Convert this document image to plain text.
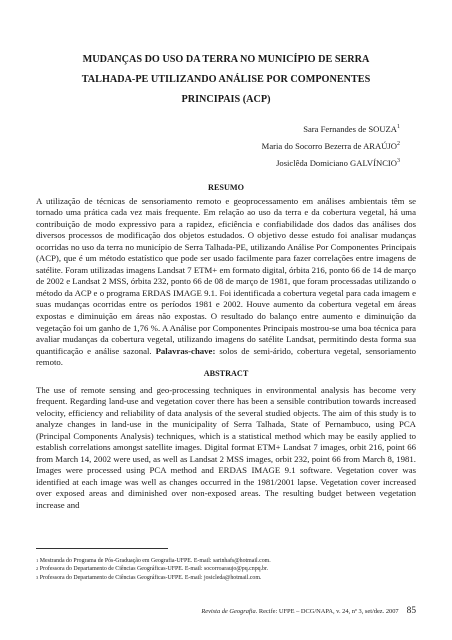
MUDANÇAS DO USO DA TERRA NO MUNICÍPIO DE SERRA
TALHADA-PE UTILIZANDO ANÁLISE POR COMPONENTES
PRINCIPAIS (ACP)
Sara Fernandes de SOUZA$^1$
Maria do Socorro Bezerra de ARAÚJO$^2$
Josiclêda Domiciano GALVÍNCIO$^3$
RESUMO

A utilização de técnicas de sensoriamento remoto e geoprocessamento em análises ambientais têm se tornado uma prática cada vez mais frequente. Em relação ao uso da terra e da cobertura vegetal, há uma contribuição de modo expressivo para a rapidez, eficiência e confiabilidade dos dados das análises dos diversos processos de modificação dos objetos estudados. O objetivo desse estudo foi analisar mudanças ocorridas no uso da terra no município de Serra Talhada-PE, utilizando Análise Por Componentes Principais (ACP), que é um método estatístico que pode ser usado facilmente para fazer correlações entre imagens de satélite. Foram utilizadas imagens Landsat 7 ETM+ em formato digital, órbita 216, ponto 66 de 14 de março de 2002 e Landsat 2 MSS, órbita 232, ponto 66 de 08 de março de 1981, que foram processadas utilizando o método da ACP e o programa ERDAS IMAGE 9.1. Foi identificada a cobertura vegetal para cada imagem e suas mudanças ocorridas entre os períodos 1981 e 2002. Houve aumento da cobertura vegetal em áreas expostas e diminuição em áreas não expostas. O resultado do balanço entre aumento e diminuição da vegetação foi um ganho de 1,76 %. A Análise por Componentes Principais mostrou-se uma boa técnica para avaliar mudanças da cobertura vegetal, utilizando imagens do satélite Landsat, permitindo desta forma sua quantificação e análise sazonal. Palavras-chave: solos de semi-árido, cobertura vegetal, sensoriamento remoto.

ABSTRACT

The use of remote sensing and geo-processing techniques in environmental analysis has become very frequent. Regarding land-use and vegetation cover there has been a sensible contribution towards increased velocity, efficiency and reliability of data analysis of the several studied objects. The aim of this study is to analyze changes in land-use in the municipality of Serra Talhada, State of Pernambuco, using PCA (Principal Components Analysis) techniques, which is a statistical method which may be easily applied to establish correlations amongst satellite images. Digital format ETM+ Landsat 7 images, orbit 216, point 66 from March 14, 2002 were used, as well as Landsat 2 MSS images, orbit 232, point 66 from March 8, 1981. Images were processed using PCA method and ERDAS IMAGE 9.1 software. Vegetation cover was identified at each image was well as changes occurred in the 1981/2001 lapse. Vegetation cover increased over exposed areas and diminished over non-exposed areas. The resulting budget between vegetation increase and

$^1$ Mestranda do Programa de Pós-Graduação em Geografia-UFPE. E-mail: sarinhafs@hotmail.com.
$^2$ Professora do Departamento de Ciências Geográficas-UFPE. E-mail: socorroaraujo@pq.cnpq.br.
$^3$ Professora do Departamento de Ciências Geográficas-UFPE. E-mail: josicleda@hotmail.com.
Revista de Geografia. Recife: UFPE – DCG/NAPA, v. 24, nº 3, set/dez. 2007 85
